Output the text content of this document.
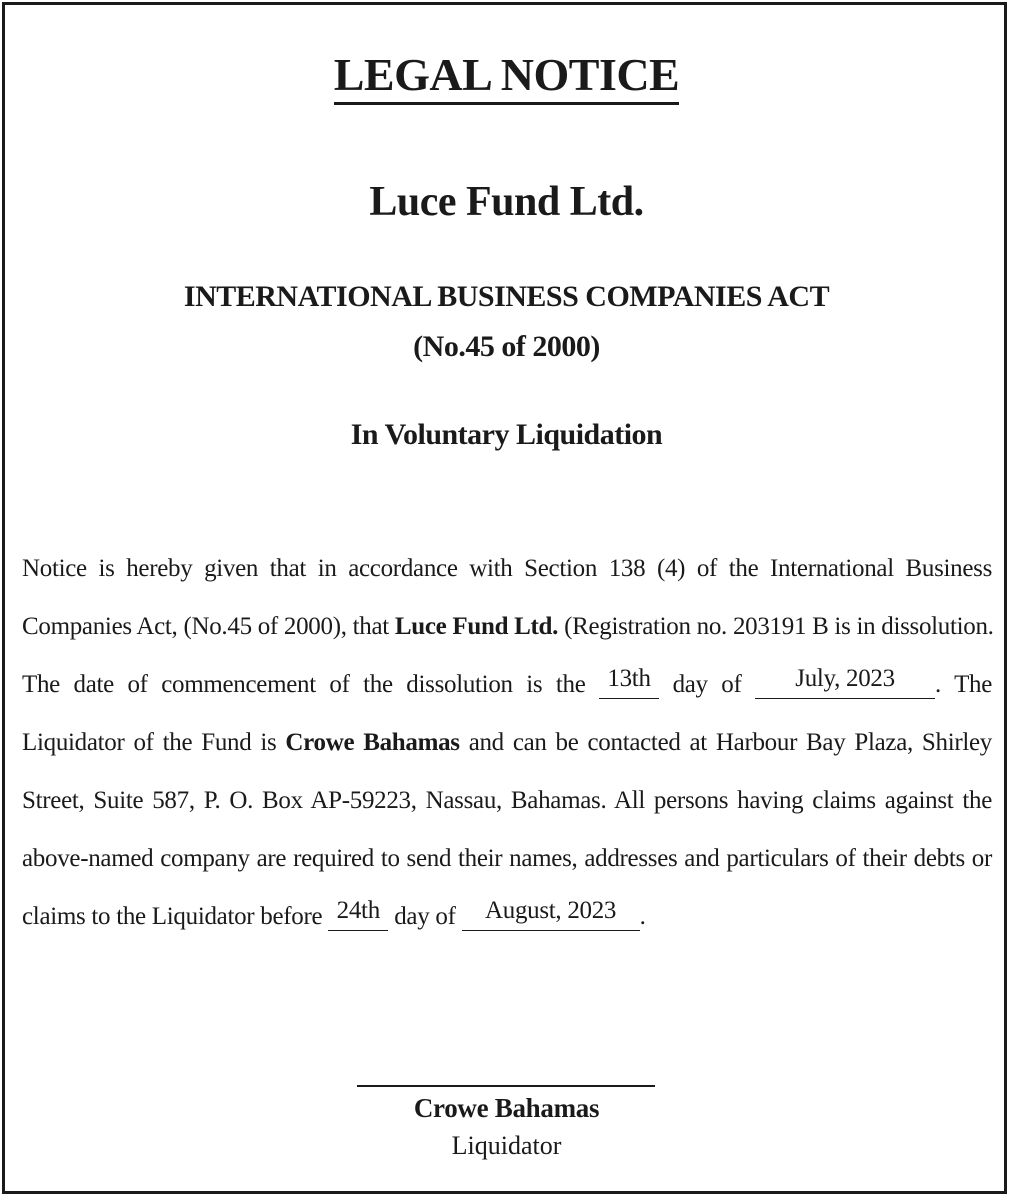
LEGAL NOTICE
Luce Fund Ltd.
INTERNATIONAL BUSINESS COMPANIES ACT
(No.45 of 2000)
In Voluntary Liquidation
Notice is hereby given that in accordance with Section 138 (4) of the International Business
Companies Act, (No.45 of 2000), that Luce Fund Ltd. (Registration no. 203191 B is in dissolution.
The date of commencement of the dissolution is the 13th day of July, 2023 . The
Liquidator of the Fund is Crowe Bahamas and can be contacted at Harbour Bay Plaza, Shirley
Street, Suite 587, P. O. Box AP-59223, Nassau, Bahamas. All persons having claims against the
above-named company are required to send their names, addresses and particulars of their debts or
claims to the Liquidator before 24th day of August, 2023 .
Crowe Bahamas
Liquidator
